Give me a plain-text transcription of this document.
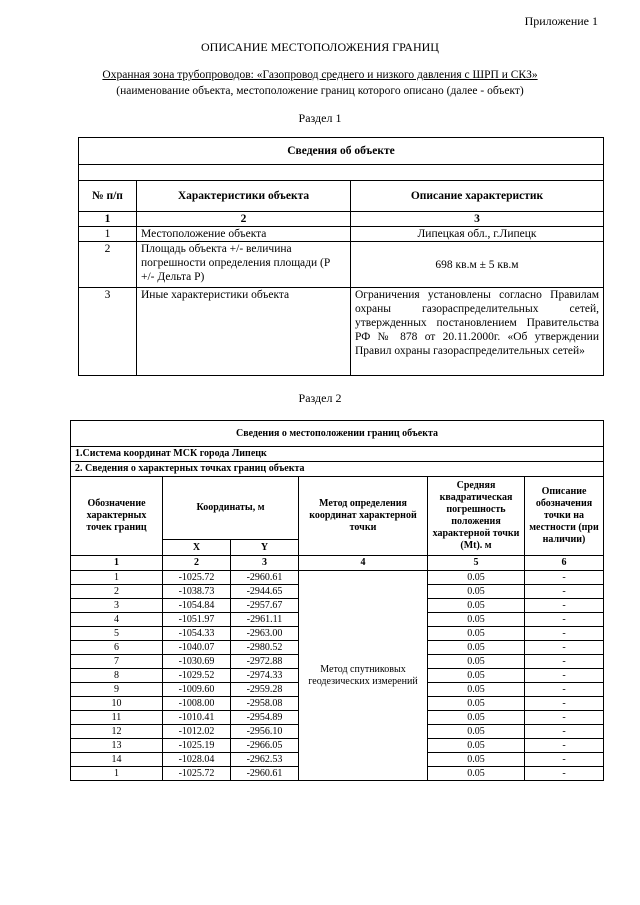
Приложение 1
ОПИСАНИЕ МЕСТОПОЛОЖЕНИЯ ГРАНИЦ
Охранная зона трубопроводов: «Газопровод среднего и низкого давления с ШРП и СКЗ»
(наименование объекта, местоположение границ которого описано (далее - объект)
Раздел 1
Сведения об объекте		

№ п/п	Характеристики объекта	Описание характеристик
1	2	3
1	Местоположение объекта	Липецкая обл., г.Липецк
2	Площадь объекта +/- величина погрешности определения площади (Р +/- Дельта Р)	698 кв.м ± 5 кв.м
3	Иные характеристики объекта	Ограничения установлены согласно Правилам охраны газораспределительных сетей, утвержденных постановлением Правительства РФ № 878 от 20.11.2000г. «Об утверждении Правил охраны газораспределительных сетей»
Раздел 2
Сведения о местоположении границ объекта					
1.Система координат МСК города Липецк					
2. Сведения о характерных точках границ объекта					
Обозначение характерных точек границ	Координаты, м		Метод определения координат характерной точки	Средняя квадратическая погрешность положения характерной точки (Mt). м	Описание обозначения точки на местности (при наличии)
	X	Y			
1	2	3	4	5	6
1	-1025.72	-2960.61	Метод спутниковых геодезических измерений	0.05	-
2	-1038.73	-2944.65		0.05	-
3	-1054.84	-2957.67		0.05	-
4	-1051.97	-2961.11		0.05	-
5	-1054.33	-2963.00		0.05	-
6	-1040.07	-2980.52		0.05	-
7	-1030.69	-2972.88		0.05	-
8	-1029.52	-2974.33		0.05	-
9	-1009.60	-2959.28		0.05	-
10	-1008.00	-2958.08		0.05	-
11	-1010.41	-2954.89		0.05	-
12	-1012.02	-2956.10		0.05	-
13	-1025.19	-2966.05		0.05	-
14	-1028.04	-2962.53		0.05	-
1	-1025.72	-2960.61		0.05	-
